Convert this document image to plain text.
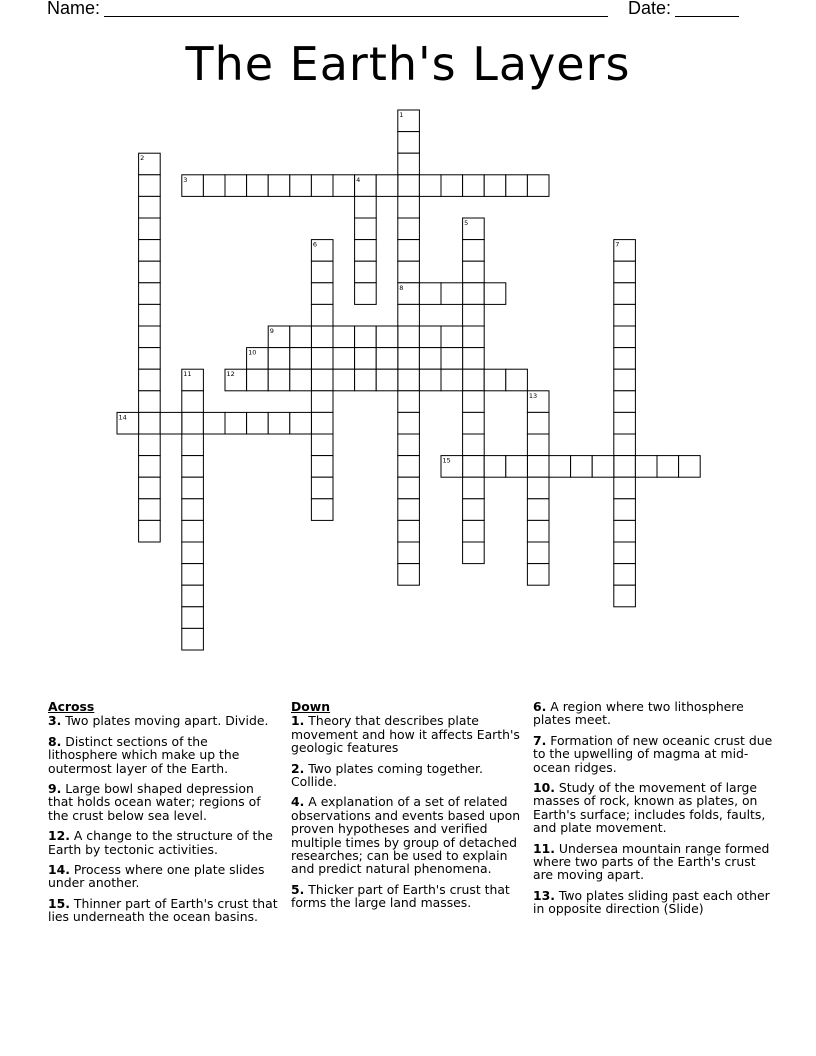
Name:	Date:
The Earth's Layers
1
2
3	4
5
6	7
8
9
10
11	12
13
14
15
Across
3. Two plates moving apart. Divide.
8. Distinct sections of the lithosphere which make up the outermost layer of the Earth.
9. Large bowl shaped depression that holds ocean water; regions of the crust below sea level.
12. A change to the structure of the Earth by tectonic activities.
14. Process where one plate slides under another.
15. Thinner part of Earth's crust that lies underneath the ocean basins.
Down
1. Theory that describes plate movement and how it affects Earth's geologic features
2. Two plates coming together. Collide.
4. A explanation of a set of related observations and events based upon proven hypotheses and verified multiple times by group of detached researches; can be used to explain and predict natural phenomena.
5. Thicker part of Earth's crust that forms the large land masses.
6. A region where two lithosphere plates meet.
7. Formation of new oceanic crust due to the upwelling of magma at mid-ocean ridges.
10. Study of the movement of large masses of rock, known as plates, on Earth's surface; includes folds, faults, and plate movement.
11. Undersea mountain range formed where two parts of the Earth's crust are moving apart.
13. Two plates sliding past each other in opposite direction (Slide)
